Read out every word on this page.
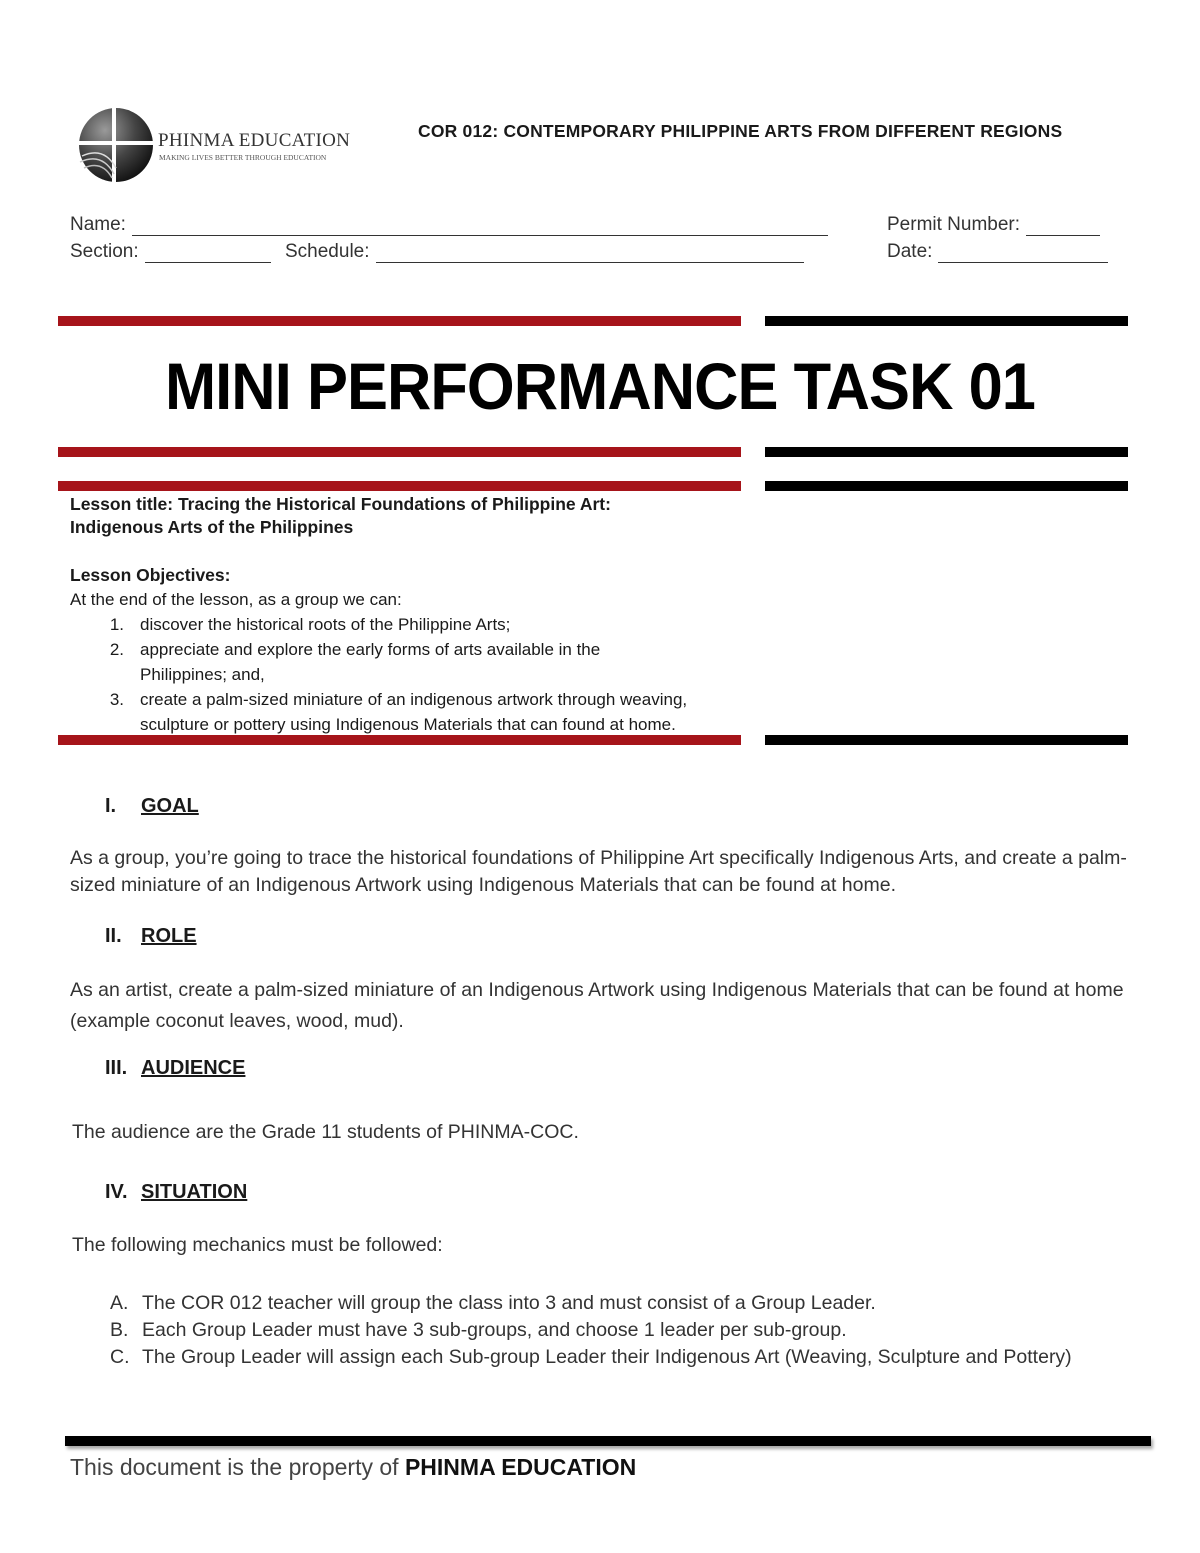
PHINMA EDUCATION
MAKING LIVES BETTER THROUGH EDUCATION
COR 012: CONTEMPORARY PHILIPPINE ARTS FROM DIFFERENT REGIONS
Name:	Permit Number:
Section:	Schedule:	Date:
MINI PERFORMANCE TASK 01
Lesson title: Tracing the Historical Foundations of Philippine Art:
Indigenous Arts of the Philippines
Lesson Objectives:
At the end of the lesson, as a group we can:
1. discover the historical roots of the Philippine Arts;
2. appreciate and explore the early forms of arts available in the
Philippines; and,
3. create a palm-sized miniature of an indigenous artwork through weaving,
sculpture or pottery using Indigenous Materials that can found at home.
I.	GOAL
As a group, you’re going to trace the historical foundations of Philippine Art specifically Indigenous Arts, and create a palm-
sized miniature of an Indigenous Artwork using Indigenous Materials that can be found at home.
II. ROLE
As an artist, create a palm-sized miniature of an Indigenous Artwork using Indigenous Materials that can be found at home
(example coconut leaves, wood, mud).
III. AUDIENCE
The audience are the Grade 11 students of PHINMA-COC.
IV. SITUATION
The following mechanics must be followed:
A. The COR 012 teacher will group the class into 3 and must consist of a Group Leader.
B. Each Group Leader must have 3 sub-groups, and choose 1 leader per sub-group.
C. The Group Leader will assign each Sub-group Leader their Indigenous Art (Weaving, Sculpture and Pottery)
This document is the property of PHINMA EDUCATION
